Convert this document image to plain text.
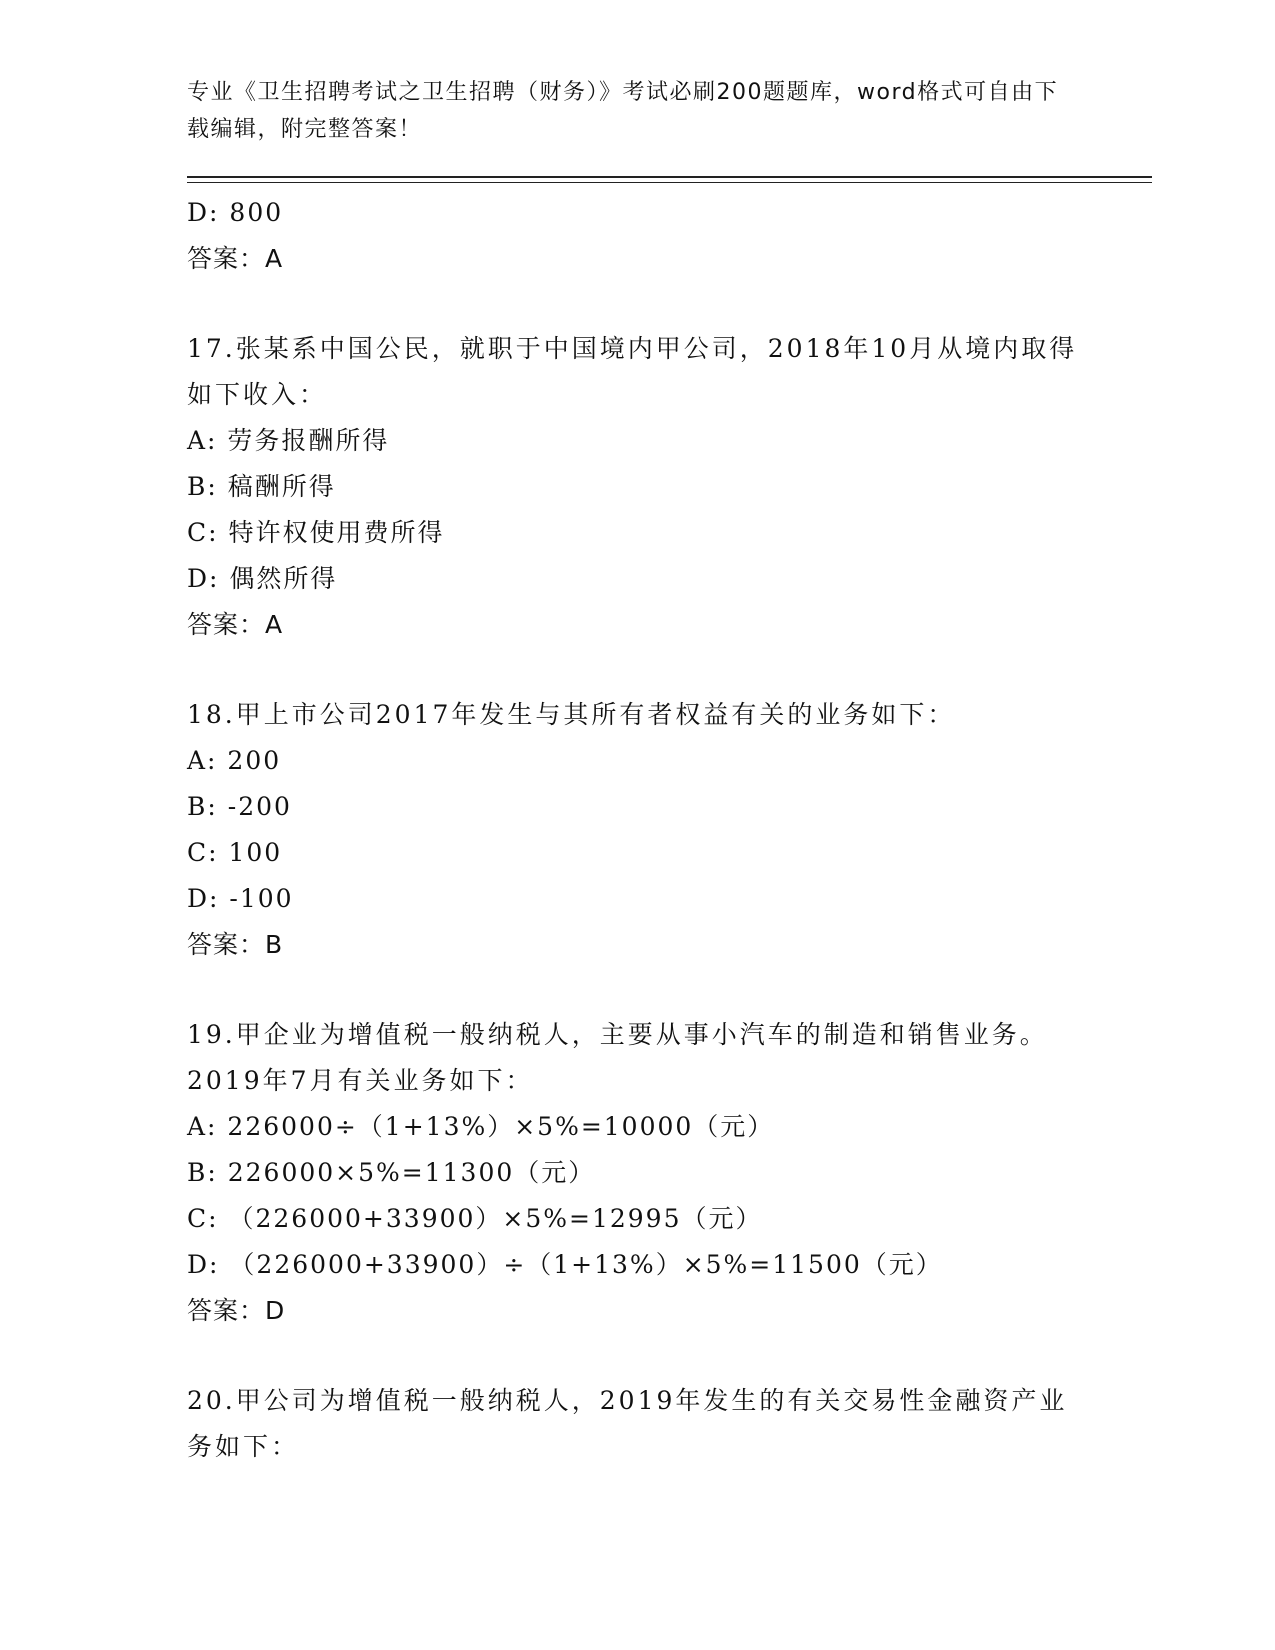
专业《卫生招聘考试之卫生招聘（财务）》考试必刷200题题库，word格式可自由下载编辑，附完整答案！
D: 800
答案：A
17.张某系中国公民，就职于中国境内甲公司，2018年10月从境内取得如下收入：
A: 劳务报酬所得
B: 稿酬所得
C: 特许权使用费所得
D: 偶然所得
答案：A
18.甲上市公司2017年发生与其所有者权益有关的业务如下：
A: 200
B: -200
C: 100
D: -100
答案：B
19.甲企业为增值税一般纳税人，主要从事小汽车的制造和销售业务。2019年7月有关业务如下：
A: 226000÷（1+13%）×5%=10000（元）
B: 226000×5%=11300（元）
C: （226000+33900）×5%=12995（元）
D: （226000+33900）÷（1+13%）×5%=11500（元）
答案：D
20.甲公司为增值税一般纳税人，2019年发生的有关交易性金融资产业务如下：
